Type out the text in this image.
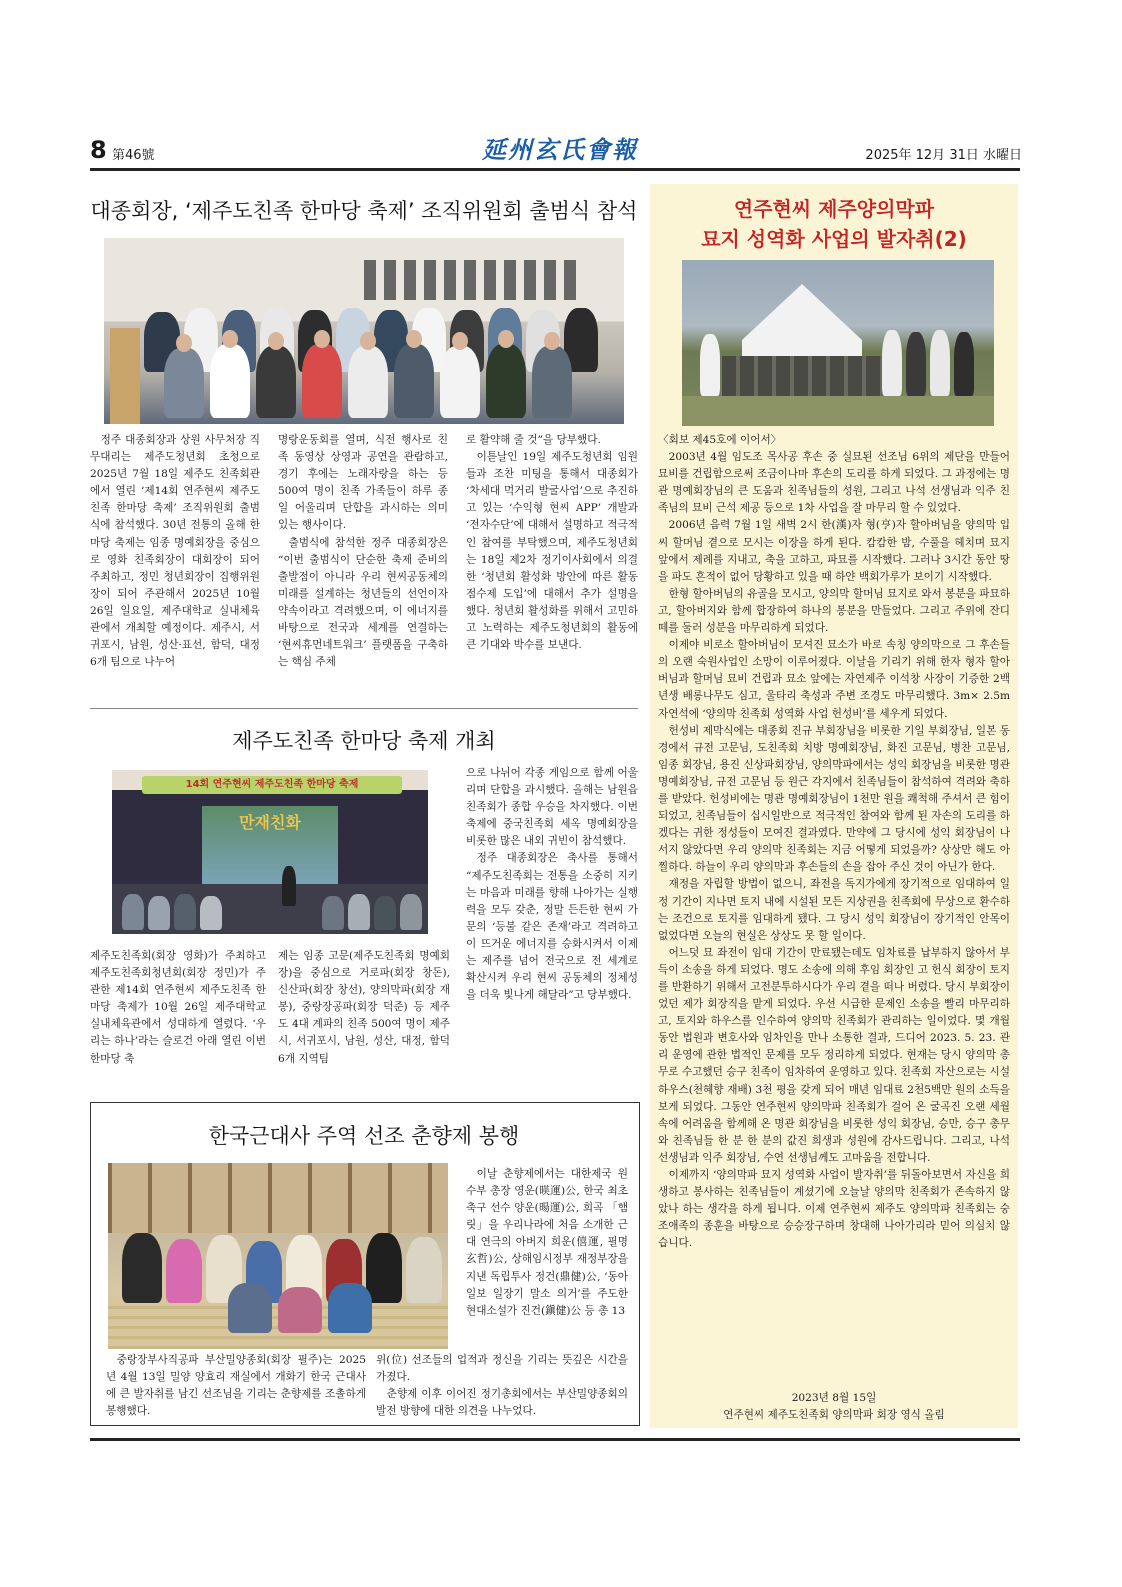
8 第46號	延州玄氏會報	2025年 12月 31日 水曜日
대종회장, ‘제주도친족 한마당 축제’ 조직위원회 출범식 참석

정주 대종회장과 상원 사무처장 직무대리는 제주도청년회 초청으로 2025년 7월 18일 제주도 친족회관에서 열린 ‘제14회 연주현씨 제주도친족 한마당 축제’ 조직위원회 출범식에 참석했다. 30년 전통의 올해 한마당 축제는 임종 명예회장을 중심으로 영화 친족회장이 대회장이 되어 주최하고, 정민 청년회장이 집행위원장이 되어 주관해서 2025년 10월 26일 일요일, 제주대학교 실내체육관에서 개최할 예정이다. 제주시, 서귀포시, 남원, 성산·표선, 함덕, 대정 6개 팀으로 나누어

명랑운동회를 열며, 식전 행사로 친족 동영상 상영과 공연을 관람하고, 경기 후에는 노래자랑을 하는 등 500여 명이 친족 가족들이 하루 종일 어울리며 단합을 과시하는 의미 있는 행사이다.

출범식에 참석한 정주 대종회장은 “이번 출범식이 단순한 축제 준비의 출발점이 아니라 우리 현씨공동체의 미래를 설계하는 청년들의 선언이자 약속이라고 격려했으며, 이 에너지를 바탕으로 전국과 세계를 연결하는 ‘현씨휴먼네트워크’ 플랫폼을 구축하는 핵심 주체

로 활약해 줄 것”을 당부했다.

이튿날인 19일 제주도청년회 임원들과 조찬 미팅을 통해서 대종회가 ‘차세대 먹거리 발굴사업’으로 추진하고 있는 ‘수익형 현씨 APP’ 개발과 ‘전자수단’에 대해서 설명하고 적극적인 참여를 부탁했으며, 제주도청년회는 18일 제2차 정기이사회에서 의결한 ‘청년회 활성화 방안에 따른 활동점수제 도입’에 대해서 추가 설명을 했다. 청년회 활성화를 위해서 고민하고 노력하는 제주도청년회의 활동에 큰 기대와 박수를 보낸다.

제주도친족 한마당 축제 개최
14회 연주현씨 제주도친족 한마당 축제
만재친화

으로 나뉘어 각종 게임으로 함께 어울리며 단합을 과시했다. 올해는 남원읍 친족회가 종합 우승을 차지했다. 이번 축제에 중국친족회 세옥 명예회장을 비롯한 많은 내외 귀빈이 참석했다.

정주 대종회장은 축사를 통해서 “제주도친족회는 전통을 소중히 지키는 마음과 미래를 향해 나아가는 실행력을 모두 갖춘, 정말 든든한 현씨 가문의 ‘등불 같은 존재’라고 격려하고 이 뜨거운 에너지를 승화시켜서 이제는 제주를 넘어 전국으로 전 세계로 확산시켜 우리 현씨 공동체의 정체성을 더욱 빛나게 해달라”고 당부했다.

제주도친족회(회장 영화)가 주최하고 제주도친족회청년회(회장 정민)가 주관한 제14회 연주현씨 제주도친족 한마당 축제가 10월 26일 제주대학교 실내체육관에서 성대하게 열렸다. ‘우리는 하나’라는 슬로건 아래 열린 이번 한마당 축

제는 임종 고문(제주도친족회 명예회장)을 중심으로 거로파(회장 창돈), 신산파(회장 창선), 양의막파(회장 재봉), 중랑장공파(회장 덕준) 등 제주도 4대 계파의 친족 500여 명이 제주시, 서귀포시, 남원, 성산, 대정, 함덕 6개 지역팀

한국근대사 주역 선조 춘향제 봉행

이날 춘향제에서는 대한제국 원수부 총장 영운(暎運)公, 한국 최초 축구 선수 양운(暘運)公, 희곡 「햄릿」을 우리나라에 처음 소개한 근대 연극의 아버지 희운(僖運, 필명 玄哲)公, 상해임시정부 재정부장을 지낸 독립투사 정건(鼎健)公, ‘동아일보 일장기 말소 의거’를 주도한 현대소설가 진건(鎭健)公 등 총 13

중랑장부사직공파 부산밀양종회(회장 필주)는 2025년 4월 13일 밀양 양효리 재실에서 개화기 한국 근대사에 큰 발자취를 남긴 선조님을 기리는 춘향제를 조촐하게 봉행했다.

위(位) 선조들의 업적과 정신을 기리는 뜻깊은 시간을 가졌다.

춘향제 이후 이어진 정기총회에서는 부산밀양종회의 발전 방향에 대한 의견을 나누었다.

연주현씨 제주양의막파
묘지 성역화 사업의 발자취(2)

〈회보 제45호에 이어서〉

2003년 4월 임도조 목사공 후손 중 실묘된 선조님 6위의 제단을 만들어 묘비를 건립함으로써 조금이나마 후손의 도리를 하게 되었다. 그 과정에는 명관 명예회장님의 큰 도움과 친족님들의 성원, 그리고 나석 선생님과 익주 친족님의 묘비 근석 제공 등으로 1차 사업을 잘 마무리 할 수 있었다.

2006년 음력 7월 1일 새벽 2시 한(漢)자 형(亨)자 할아버님을 양의막 입씨 할머님 곁으로 모시는 이장을 하게 된다. 캄캄한 밤, 수풀을 헤치며 묘지 앞에서 제례를 지내고, 축을 고하고, 파묘를 시작했다. 그러나 3시간 동안 땅을 파도 흔적이 없어 당황하고 있을 때 하얀 백회가루가 보이기 시작했다.

한형 할아버님의 유골을 모시고, 양의막 할머님 묘지로 와서 봉분을 파묘하고, 할아버지와 함께 합장하여 하나의 봉분을 만들었다. 그리고 주위에 잔디 떼를 둘러 성분을 마무리하게 되었다.

이제야 비로소 할아버님이 모셔진 묘소가 바로 속칭 양의막으로 그 후손들의 오랜 숙원사업인 소망이 이루어졌다. 이날을 기리기 위해 한자 형자 할아버님과 할머님 묘비 건립과 묘소 앞에는 자연제주 이석창 사장이 기증한 2백 년생 배롱나무도 심고, 울타리 축성과 주변 조경도 마무리했다. 3m× 2.5m 자연석에 ‘양의막 친족회 성역화 사업 헌성비’를 세우게 되었다.

헌성비 제막식에는 대종회 진규 부회장님을 비롯한 기일 부회장님, 일본 동경에서 규전 고문님, 도친족회 치방 명예회장님, 화진 고문님, 병찬 고문님, 임종 회장님, 용진 신상파회장님, 양의막파에서는 성익 회장님을 비롯한 명관 명예회장님, 규전 고문님 등 원근 각지에서 친족님들이 참석하여 격려와 축하를 받았다. 헌성비에는 명관 명예회장님이 1천만 원을 쾌척해 주셔서 큰 힘이 되었고, 친족님들이 십시일반으로 적극적인 참여와 함께 된 자손의 도리를 하겠다는 귀한 정성들이 모여진 결과였다. 만약에 그 당시에 성익 회장님이 나서지 않았다면 우리 양의막 친족회는 지금 어떻게 되었을까? 상상만 해도 아찔하다. 하늘이 우리 양의막과 후손들의 손을 잡아 주신 것이 아닌가 한다.

재정을 자립할 방법이 없으니, 좌전을 독지가에게 장기적으로 임대하여 일정 기간이 지나면 토지 내에 시설된 모든 지상권을 친족회에 무상으로 환수하는 조건으로 토지를 임대하게 됐다. 그 당시 성익 회장님이 장기적인 안목이 없었다면 오늘의 현실은 상상도 못 할 일이다.

어느덧 묘 좌전이 임대 기간이 만료됐는데도 임차료를 납부하지 않아서 부득이 소송을 하게 되었다. 명도 소송에 의해 후임 회장인 고 헌식 회장이 토지를 반환하기 위해서 고전분투하시다가 우리 곁을 떠나 버렸다. 당시 부회장이었던 제가 회장직을 맡게 되었다. 우선 시급한 문제인 소송을 빨리 마무리하고, 토지와 하우스를 인수하여 양의막 친족회가 관리하는 일이었다. 몇 개월 동안 법원과 변호사와 임차인을 만나 소통한 결과, 드디어 2023. 5. 23. 관리 운영에 관한 법적인 문제를 모두 정리하게 되었다. 현재는 당시 양의막 총무로 수고했던 승구 친족이 임차하여 운영하고 있다. 친족회 자산으로는 시설하우스(천혜향 재배) 3천 평을 갖게 되어 매년 임대료 2천5백만 원의 소득을 보게 되었다. 그동안 연주현씨 양의막파 친족회가 걸어 온 굴곡진 오랜 세월 속에 어려움을 함께해 온 명관 회장님을 비롯한 성익 회장님, 승만, 승구 총무와 친족님들 한 분 한 분의 값진 희생과 성원에 감사드립니다. 그리고, 나석 선생님과 익주 회장님, 수연 선생님께도 고마움을 전합니다.

이제까지 ‘양의막파 묘지 성역화 사업이 발자취’를 뒤돌아보면서 자신을 희생하고 봉사하는 친족님들이 계셨기에 오늘날 양의막 친족회가 존속하지 않았나 하는 생각을 하게 됩니다. 이제 연주현씨 제주도 양의막파 친족회는 숭조애족의 종훈을 바탕으로 승승장구하며 창대해 나아가리라 믿어 의심치 않습니다.

2023년 8월 15일
연주현씨 제주도친족회 양의막파 회장 영식 올림
